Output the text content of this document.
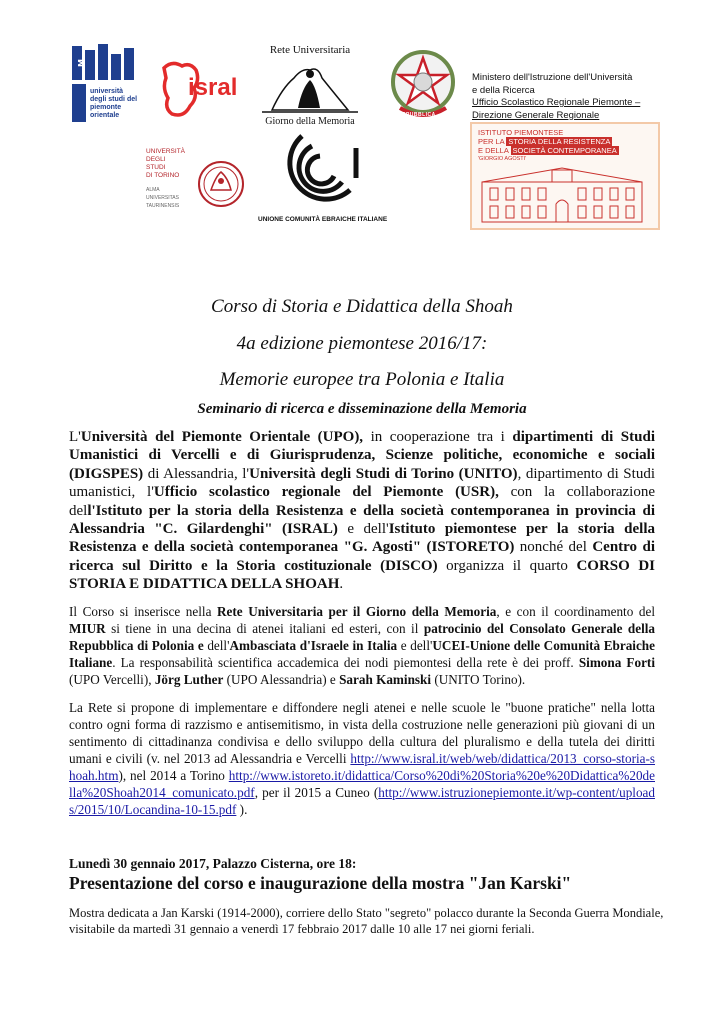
M
università degli studi del piemonte orientale
isral
Rete Universitaria
Giorno della Memoria
REPUBBLICA ITALIANA
Ministero dell'Istruzione dell'Università
e della Ricerca
Ufficio Scolastico Regionale Piemonte –
Direzione Generale Regionale
UNIVERSITÀ
DEGLI STUDI
DI TORINO
ALMA UNIVERSITAS
TAURINENSIS
UNIONE COMUNITÀ EBRAICHE ITALIANE
ISTITUTO PIEMONTESE
PER LA STORIA DELLA RESISTENZA
E DELLA SOCIETÀ CONTEMPORANEA
'GIORGIO AGOSTI'
Corso di Storia e Didattica della Shoah
4a edizione piemontese 2016/17:
Memorie europee tra Polonia e Italia
Seminario di ricerca e disseminazione della Memoria
L'Università del Piemonte Orientale (UPO), in cooperazione tra i dipartimenti di Studi Umanistici di Vercelli e di Giurisprudenza, Scienze politiche, economiche e sociali (DIGSPES) di Alessandria, l'Università degli Studi di Torino (UNITO), dipartimento di Studi umanistici, l'Ufficio scolastico regionale del Piemonte (USR), con la collaborazione dell'Istituto per la storia della Resistenza e della società contemporanea in provincia di Alessandria "C. Gilardenghi" (ISRAL) e dell'Istituto piemontese per la storia della Resistenza e della società contemporanea "G. Agosti" (ISTORETO) nonché del Centro di ricerca sul Diritto e la Storia costituzionale (DISCO) organizza il quarto CORSO DI STORIA E DIDATTICA DELLA SHOAH.
Il Corso si inserisce nella Rete Universitaria per il Giorno della Memoria, e con il coordinamento del MIUR si tiene in una decina di atenei italiani ed esteri, con il patrocinio del Consolato Generale della Repubblica di Polonia e dell'Ambasciata d'Israele in Italia e dell'UCEI-Unione delle Comunità Ebraiche Italiane. La responsabilità scientifica accademica dei nodi piemontesi della rete è dei proff. Simona Forti (UPO Vercelli), Jörg Luther (UPO Alessandria) e Sarah Kaminski (UNITO Torino).
La Rete si propone di implementare e diffondere negli atenei e nelle scuole le "buone pratiche" nella lotta contro ogni forma di razzismo e antisemitismo, in vista della costruzione nelle generazioni più giovani di un sentimento di cittadinanza condivisa e dello sviluppo della cultura del pluralismo e della tutela dei diritti umani e civili (v. nel 2013 ad Alessandria e Vercelli http://www.isral.it/web/web/didattica/2013_corso-storia-shoah.htm), nel 2014 a Torino http://www.istoreto.it/didattica/Corso%20di%20Storia%20e%20Didattica%20della%20Shoah2014_comunicato.pdf, per il 2015 a Cuneo (http://www.istruzionepiemonte.it/wp-content/uploads/2015/10/Locandina-10-15.pdf ).
Lunedì 30 gennaio 2017, Palazzo Cisterna, ore 18:
Presentazione del corso e inaugurazione della mostra "Jan Karski"
Mostra dedicata a Jan Karski (1914-2000), corriere dello Stato "segreto" polacco durante la Seconda Guerra Mondiale,
visitabile da martedì 31 gennaio a venerdì 17 febbraio 2017 dalle 10 alle 17 nei giorni feriali.
